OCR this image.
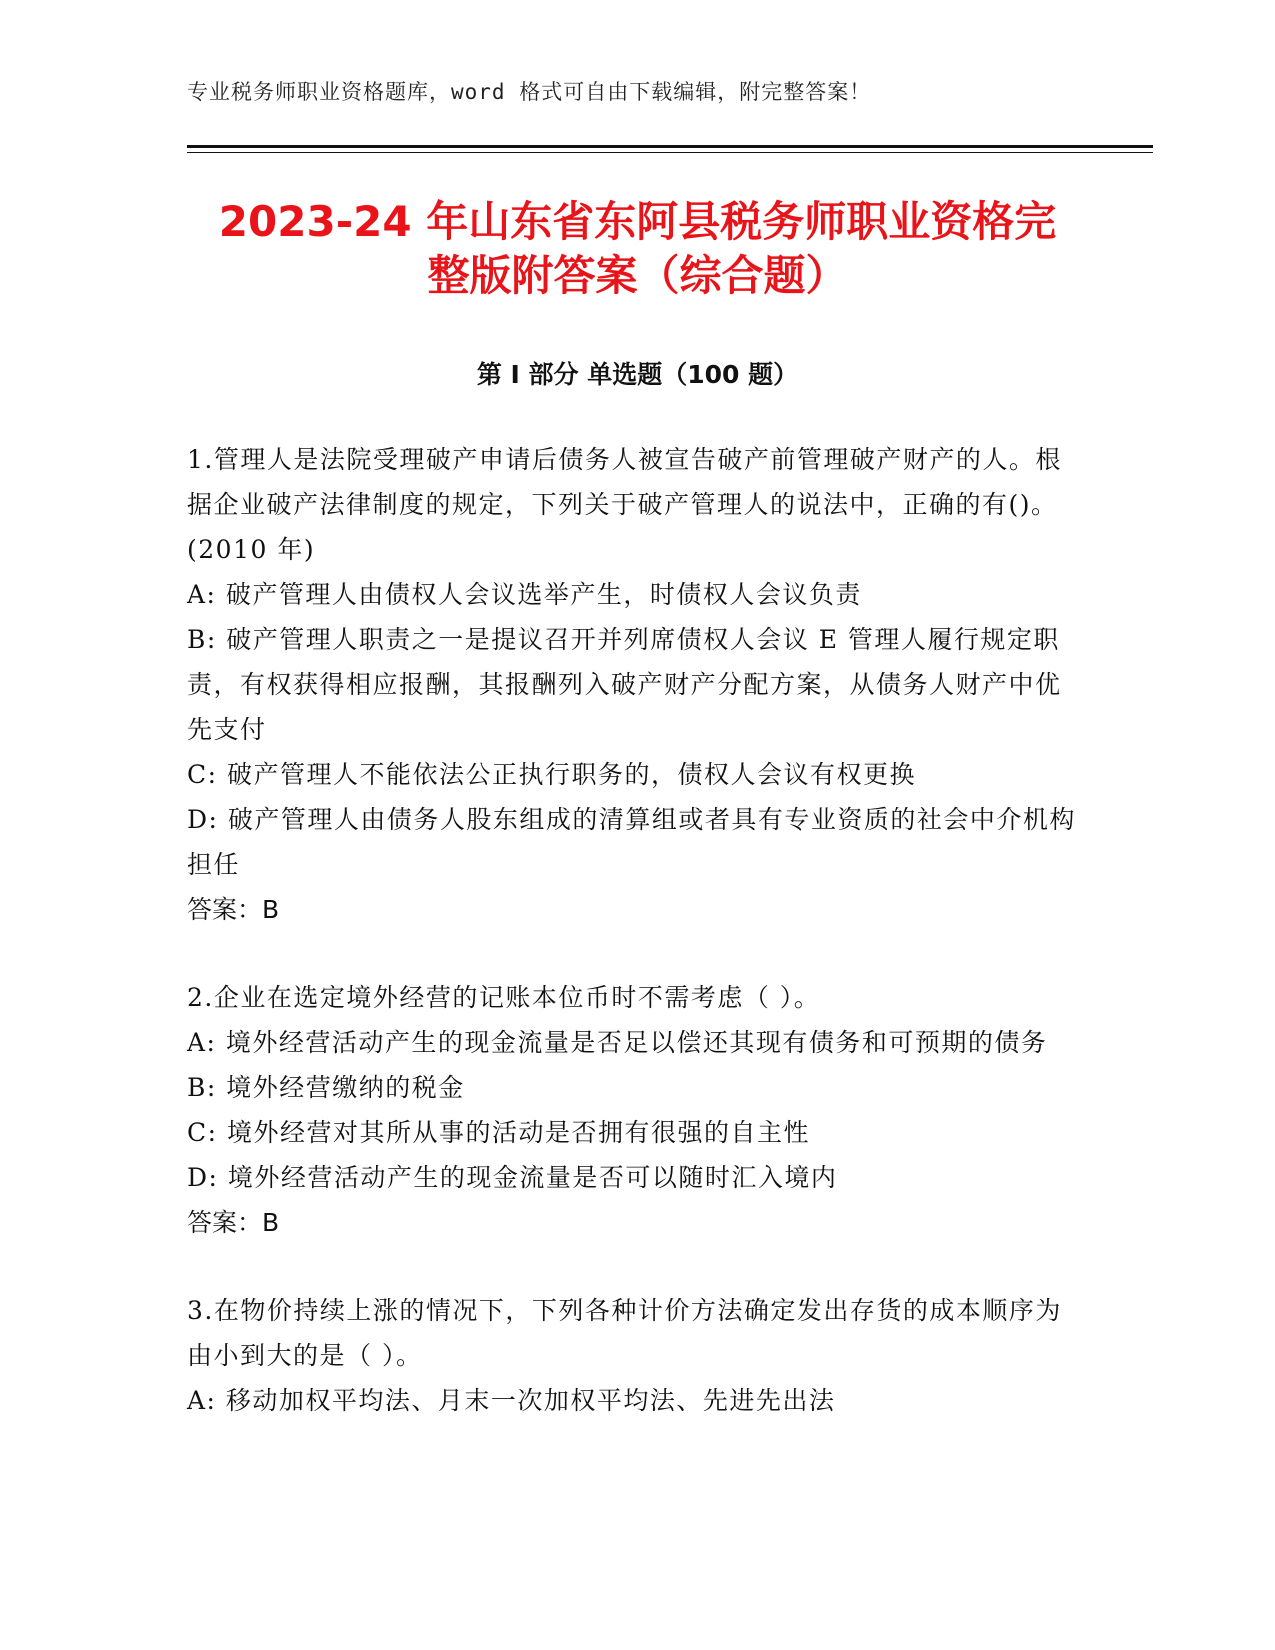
专业税务师职业资格题库，word 格式可自由下载编辑，附完整答案！
2023-24 年山东省东阿县税务师职业资格完
整版附答案（综合题）
第 I 部分 单选题（100 题）

1.管理人是法院受理破产申请后债务人被宣告破产前管理破产财产的人。根据企业破产法律制度的规定，下列关于破产管理人的说法中，正确的有()。(2010 年)

A: 破产管理人由债权人会议选举产生，时债权人会议负责

B: 破产管理人职责之一是提议召开并列席债权人会议 E 管理人履行规定职责，有权获得相应报酬，其报酬列入破产财产分配方案，从债务人财产中优先支付

C: 破产管理人不能依法公正执行职务的，债权人会议有权更换

D: 破产管理人由债务人股东组成的清算组或者具有专业资质的社会中介机构担任

答案：B

2.企业在选定境外经营的记账本位币时不需考虑（ ）。

A: 境外经营活动产生的现金流量是否足以偿还其现有债务和可预期的债务

B: 境外经营缴纳的税金

C: 境外经营对其所从事的活动是否拥有很强的自主性

D: 境外经营活动产生的现金流量是否可以随时汇入境内

答案：B

3.在物价持续上涨的情况下，下列各种计价方法确定发出存货的成本顺序为由小到大的是（ ）。

A: 移动加权平均法、月末一次加权平均法、先进先出法
